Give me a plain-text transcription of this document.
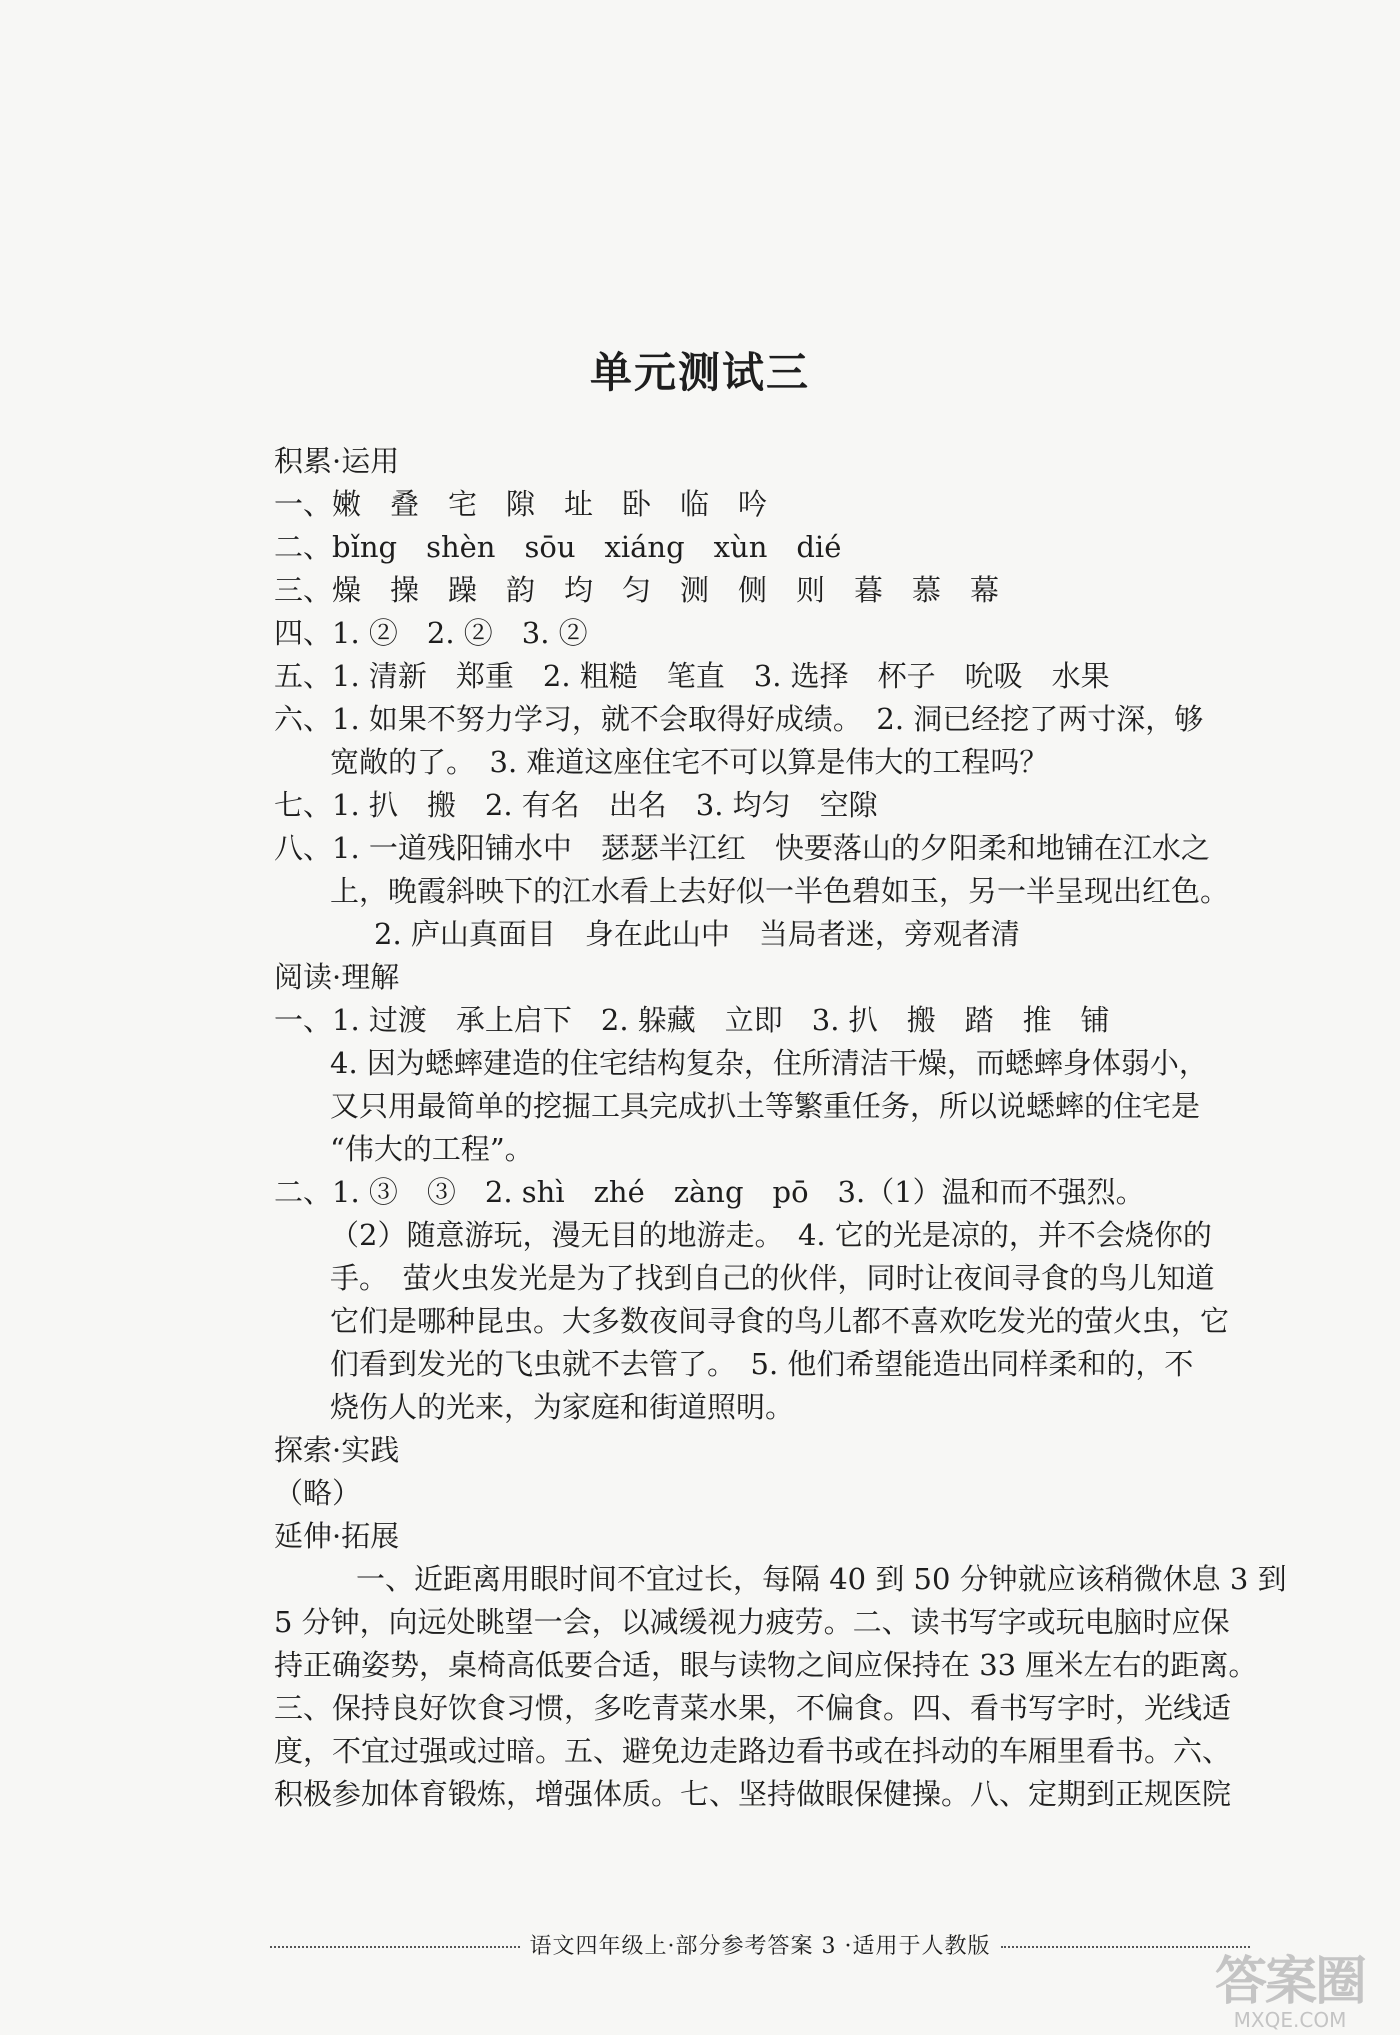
单元测试三
积累·运用
一、嫩　叠　宅　隙　址　卧　临　吟
二、bǐng　shèn　sōu　xiáng　xùn　dié
三、燥　操　躁　韵　均　匀　测　侧　则　暮　慕　幕
四、1. ②　2. ②　3. ②
五、1. 清新　郑重　2. 粗糙　笔直　3. 选择　杯子　吮吸　水果
六、1. 如果不努力学习，就不会取得好成绩。　2. 洞已经挖了两寸深，够
宽敞的了。　3. 难道这座住宅不可以算是伟大的工程吗？
七、1. 扒　搬　2. 有名　出名　3. 均匀　空隙
八、1. 一道残阳铺水中　瑟瑟半江红　快要落山的夕阳柔和地铺在江水之
上，晚霞斜映下的江水看上去好似一半色碧如玉，另一半呈现出红色。
2. 庐山真面目　身在此山中　当局者迷，旁观者清
阅读·理解
一、1. 过渡　承上启下　2. 躲藏　立即　3. 扒　搬　踏　推　铺
4. 因为蟋蟀建造的住宅结构复杂，住所清洁干燥，而蟋蟀身体弱小，
又只用最简单的挖掘工具完成扒土等繁重任务，所以说蟋蟀的住宅是
“伟大的工程”。
二、1. ③　③　2. shì　zhé　zàng　pō　3.（1）温和而不强烈。
（2）随意游玩，漫无目的地游走。　4. 它的光是凉的，并不会烧你的
手。　萤火虫发光是为了找到自己的伙伴，同时让夜间寻食的鸟儿知道
它们是哪种昆虫。大多数夜间寻食的鸟儿都不喜欢吃发光的萤火虫，它
们看到发光的飞虫就不去管了。　5. 他们希望能造出同样柔和的，不
烧伤人的光来，为家庭和街道照明。
探索·实践
（略）
延伸·拓展
一、近距离用眼时间不宜过长，每隔 40 到 50 分钟就应该稍微休息 3 到
5 分钟，向远处眺望一会，以减缓视力疲劳。二、读书写字或玩电脑时应保
持正确姿势，桌椅高低要合适，眼与读物之间应保持在 33 厘米左右的距离。
三、保持良好饮食习惯，多吃青菜水果，不偏食。四、看书写字时，光线适
度，不宜过强或过暗。五、避免边走路边看书或在抖动的车厢里看书。六、
积极参加体育锻炼，增强体质。七、坚持做眼保健操。八、定期到正规医院
语文四年级上·部分参考答案 3 ·适用于人教版
答案圈
MXQE.COM
